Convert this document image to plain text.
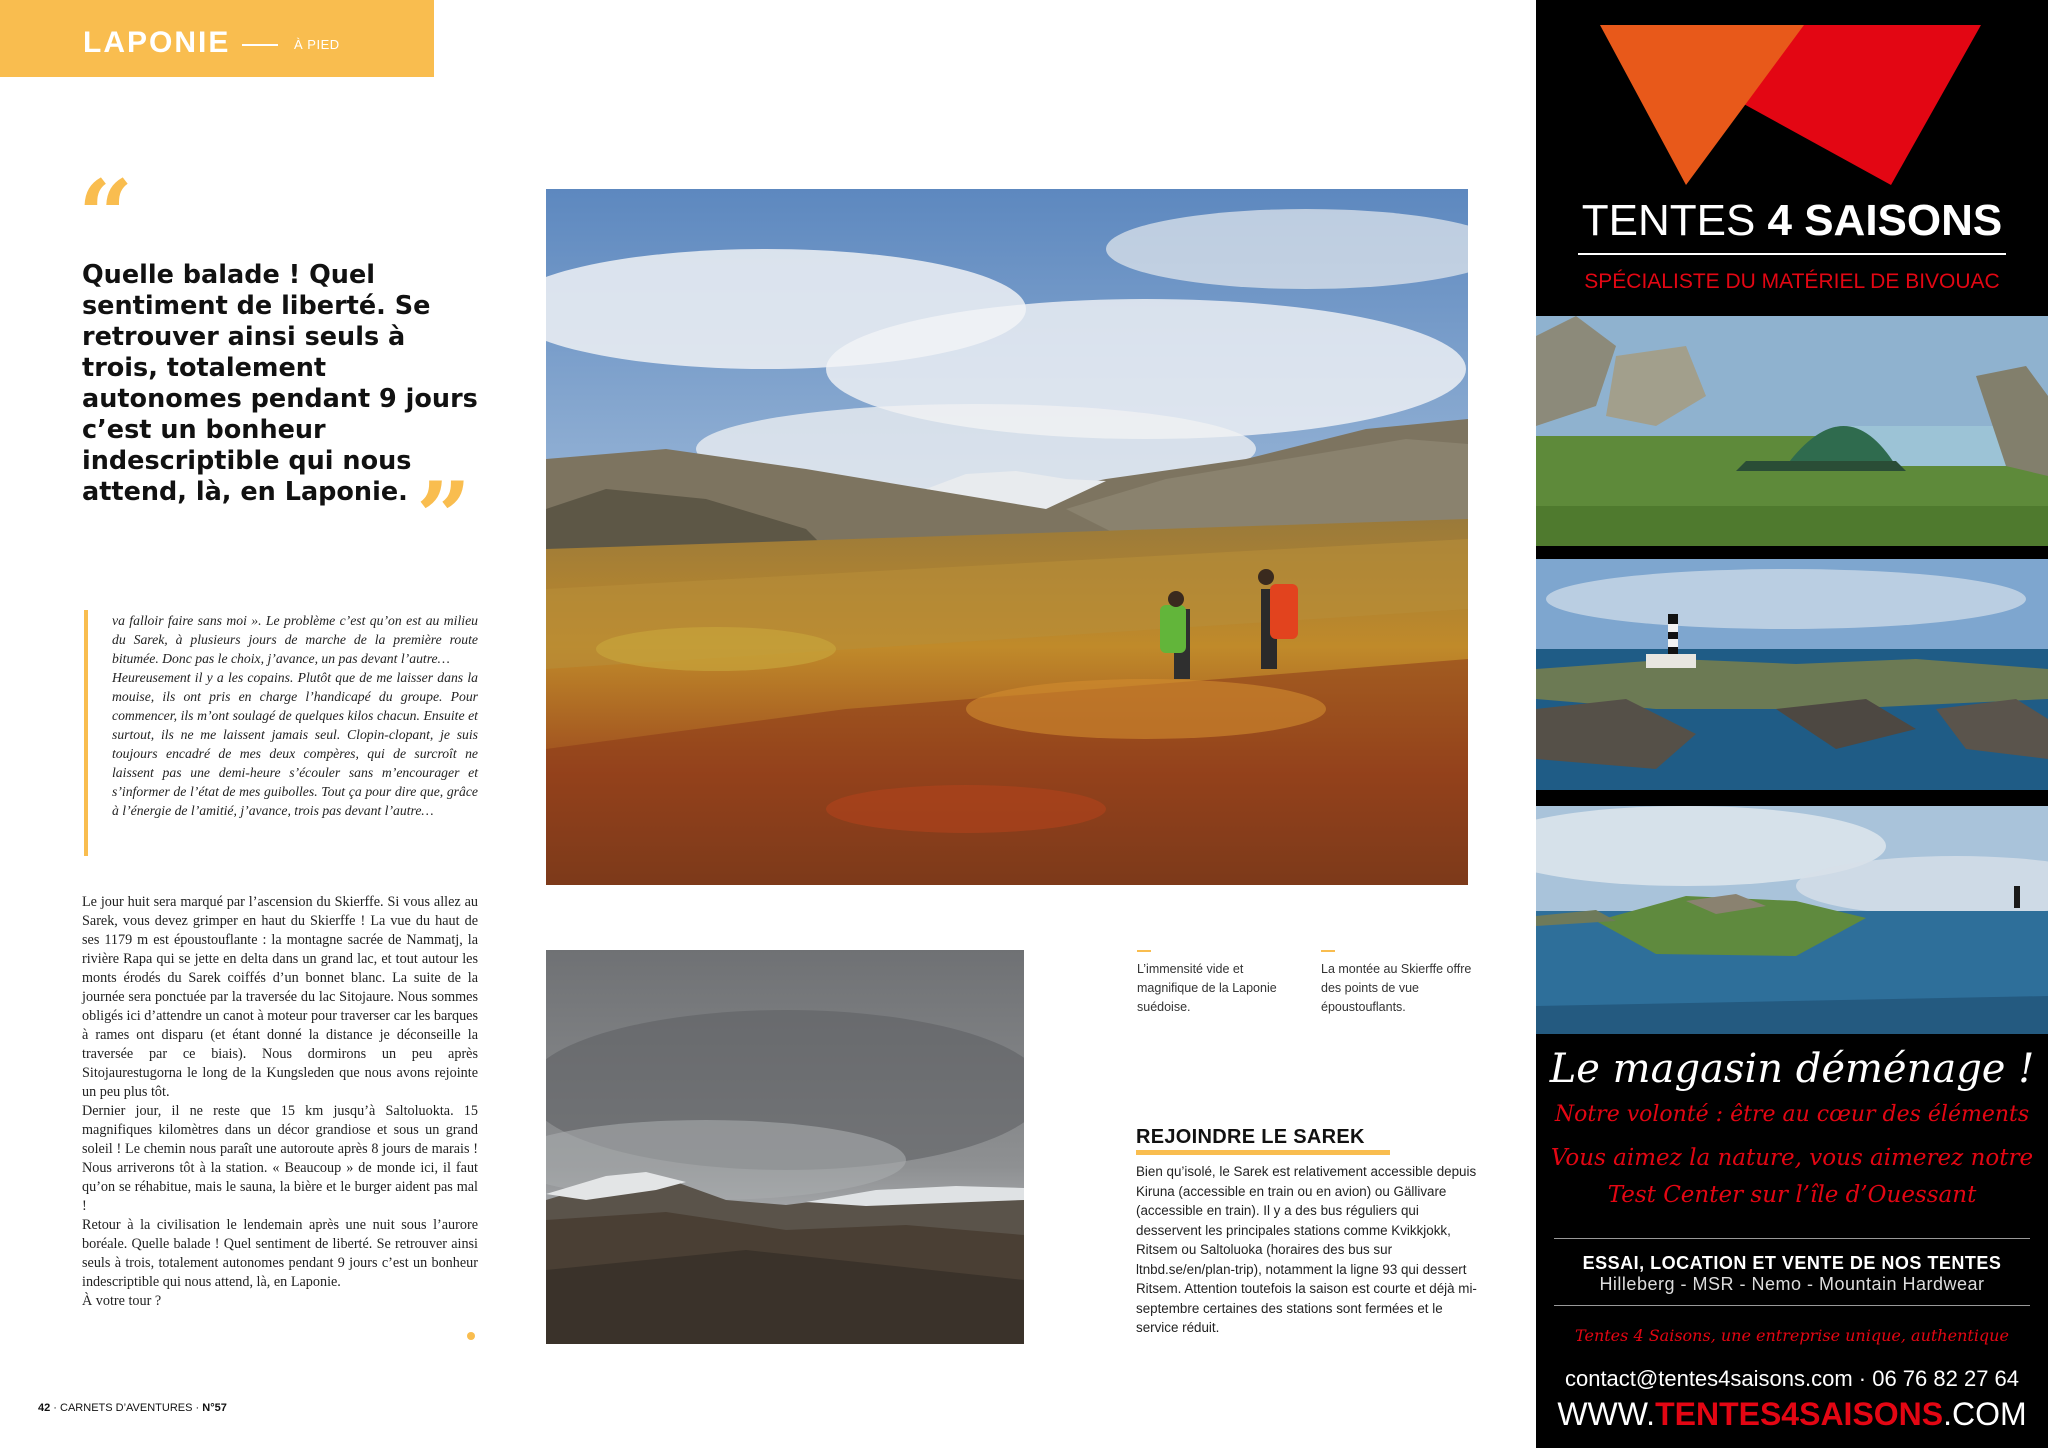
LAPONIE	À PIED
“
Quelle balade ! Quel sentiment de liberté. Se retrouver ainsi seuls à trois, totalement autonomes pendant 9 jours c’est un bonheur indescriptible qui nous attend, là, en Laponie. ”

va falloir faire sans moi ». Le problème c’est qu’on est au milieu du Sarek, à plusieurs jours de marche de la première route bitumée. Donc pas le choix, j’avance, un pas devant l’autre…

Heureusement il y a les copains. Plutôt que de me laisser dans la mouise, ils ont pris en charge l’handicapé du groupe. Pour commencer, ils m’ont soulagé de quelques kilos chacun. Ensuite et surtout, ils ne me laissent jamais seul. Clopin-clopant, je suis toujours encadré de mes deux compères, qui de surcroît ne laissent pas une demi-heure s’écouler sans m’encourager et s’informer de l’état de mes guibolles. Tout ça pour dire que, grâce à l’énergie de l’amitié, j’avance, trois pas devant l’autre…

Le jour huit sera marqué par l’ascension du Skierffe. Si vous allez au Sarek, vous devez grimper en haut du Skierffe ! La vue du haut de ses 1179 m est époustouflante : la montagne sacrée de Nammatj, la rivière Rapa qui se jette en delta dans un grand lac, et tout autour les monts érodés du Sarek coiffés d’un bonnet blanc. La suite de la journée sera ponctuée par la traversée du lac Sitojaure. Nous sommes obligés ici d’attendre un canot à moteur pour traverser car les barques à rames ont disparu (et étant donné la distance je déconseille la traversée par ce biais). Nous dormirons un peu après Sitojaurestugorna le long de la Kungsleden que nous avons rejointe un peu plus tôt.

Dernier jour, il ne reste que 15 km jusqu’à Saltoluokta. 15 magnifiques kilomètres dans un décor grandiose et sous un grand soleil ! Le chemin nous paraît une autoroute après 8 jours de marais ! Nous arriverons tôt à la station. « Beaucoup » de monde ici, il faut qu’on se réhabitue, mais le sauna, la bière et le burger aident pas mal !

Retour à la civilisation le lendemain après une nuit sous l’aurore boréale. Quelle balade ! Quel sentiment de liberté. Se retrouver ainsi seuls à trois, totalement autonomes pendant 9 jours c’est un bonheur indescriptible qui nous attend, là, en Laponie.

À votre tour ?

42 · CARNETS D’AVENTURES · N°57
L’immensité vide et magnifique de la Laponie suédoise.
La montée au Skierffe offre des points de vue époustouflants.
REJOINDRE LE SAREK
Bien qu’isolé, le Sarek est relativement accessible depuis Kiruna (accessible en train ou en avion) ou Gällivare (accessible en train). Il y a des bus réguliers qui desservent les principales stations comme Kvikkjokk, Ritsem ou Saltoluoka (horaires des bus sur ltnbd.se/en/plan-trip), notamment la ligne 93 qui dessert Ritsem. Attention toutefois la saison est courte et déjà mi-septembre certaines des stations sont fermées et le service réduit.
TENTES 4 SAISONS
SPÉCIALISTE DU MATÉRIEL DE BIVOUAC
Le magasin déménage !
Notre volonté : être au cœur des éléments
Vous aimez la nature, vous aimerez notre
Test Center sur l’île d’Ouessant
ESSAI, LOCATION ET VENTE DE NOS TENTES
Hilleberg - MSR - Nemo - Mountain Hardwear
Tentes 4 Saisons, une entreprise unique, authentique
contact@tentes4saisons.com · 06 76 82 27 64
WWW.TENTES4SAISONS.COM
